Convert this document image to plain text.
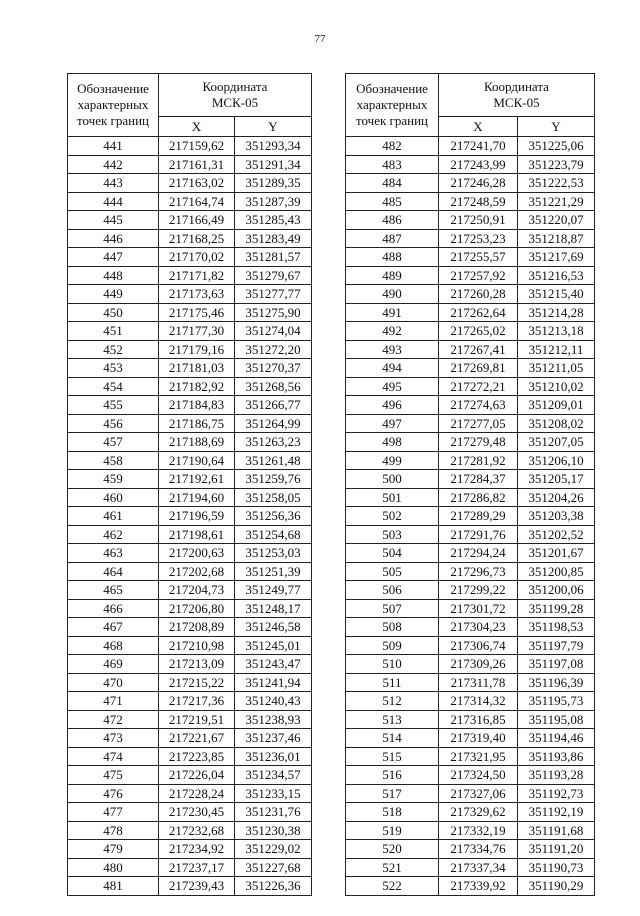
77
Обозначение
характерных
точек границ	Координата
МСК-05	
	X	Y
441	217159,62	351293,34
442	217161,31	351291,34
443	217163,02	351289,35
444	217164,74	351287,39
445	217166,49	351285,43
446	217168,25	351283,49
447	217170,02	351281,57
448	217171,82	351279,67
449	217173,63	351277,77
450	217175,46	351275,90
451	217177,30	351274,04
452	217179,16	351272,20
453	217181,03	351270,37
454	217182,92	351268,56
455	217184,83	351266,77
456	217186,75	351264,99
457	217188,69	351263,23
458	217190,64	351261,48
459	217192,61	351259,76
460	217194,60	351258,05
461	217196,59	351256,36
462	217198,61	351254,68
463	217200,63	351253,03
464	217202,68	351251,39
465	217204,73	351249,77
466	217206,80	351248,17
467	217208,89	351246,58
468	217210,98	351245,01
469	217213,09	351243,47
470	217215,22	351241,94
471	217217,36	351240,43
472	217219,51	351238,93
473	217221,67	351237,46
474	217223,85	351236,01
475	217226,04	351234,57
476	217228,24	351233,15
477	217230,45	351231,76
478	217232,68	351230,38
479	217234,92	351229,02
480	217237,17	351227,68
481	217239,43	351226,36
Обозначение
характерных
точек границ	Координата
МСК-05	
	X	Y
482	217241,70	351225,06
483	217243,99	351223,79
484	217246,28	351222,53
485	217248,59	351221,29
486	217250,91	351220,07
487	217253,23	351218,87
488	217255,57	351217,69
489	217257,92	351216,53
490	217260,28	351215,40
491	217262,64	351214,28
492	217265,02	351213,18
493	217267,41	351212,11
494	217269,81	351211,05
495	217272,21	351210,02
496	217274,63	351209,01
497	217277,05	351208,02
498	217279,48	351207,05
499	217281,92	351206,10
500	217284,37	351205,17
501	217286,82	351204,26
502	217289,29	351203,38
503	217291,76	351202,52
504	217294,24	351201,67
505	217296,73	351200,85
506	217299,22	351200,06
507	217301,72	351199,28
508	217304,23	351198,53
509	217306,74	351197,79
510	217309,26	351197,08
511	217311,78	351196,39
512	217314,32	351195,73
513	217316,85	351195,08
514	217319,40	351194,46
515	217321,95	351193,86
516	217324,50	351193,28
517	217327,06	351192,73
518	217329,62	351192,19
519	217332,19	351191,68
520	217334,76	351191,20
521	217337,34	351190,73
522	217339,92	351190,29
